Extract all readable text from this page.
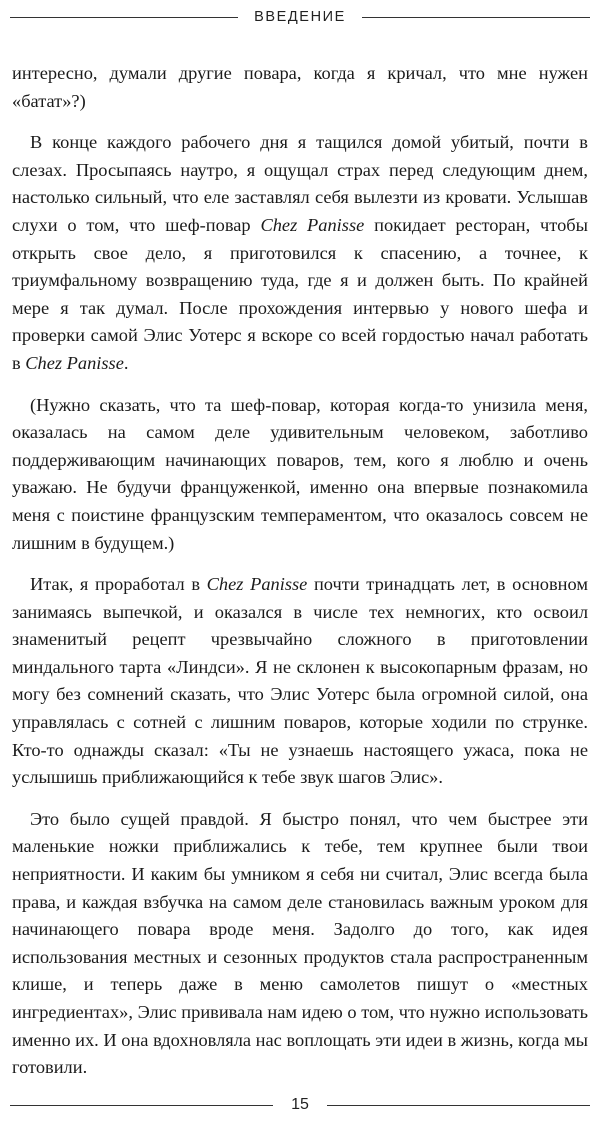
ВВЕДЕНИЕ

интересно, думали другие повара, когда я кричал, что мне нужен «батат»?)

В конце каждого рабочего дня я тащился домой убитый, почти в слезах. Просыпаясь наутро, я ощущал страх перед следующим днем, настолько сильный, что еле заставлял себя вылезти из кровати. Услышав слухи о том, что шеф-повар Chez Panisse покидает ресторан, чтобы открыть свое дело, я приготовился к спасению, а точнее, к триумфальному возвращению туда, где я и должен быть. По крайней мере я так думал. После прохождения интервью у нового шефа и проверки самой Элис Уотерс я вскоре со всей гордостью начал работать в Chez Panisse.

(Нужно сказать, что та шеф-повар, которая когда-то унизила меня, оказалась на самом деле удивительным человеком, заботливо поддерживающим начинающих поваров, тем, кого я люблю и очень уважаю. Не будучи француженкой, именно она впервые познакомила меня с поистине французским темпераментом, что оказалось совсем не лишним в будущем.)

Итак, я проработал в Chez Panisse почти тринадцать лет, в основном занимаясь выпечкой, и оказался в числе тех немногих, кто освоил знаменитый рецепт чрезвычайно сложного в приготовлении миндального тарта «Линдси». Я не склонен к высокопарным фразам, но могу без сомнений сказать, что Элис Уотерс была огромной силой, она управлялась с сотней с лишним поваров, которые ходили по струнке. Кто-то однажды сказал: «Ты не узнаешь настоящего ужаса, пока не услышишь приближающийся к тебе звук шагов Элис».

Это было сущей правдой. Я быстро понял, что чем быстрее эти маленькие ножки приближались к тебе, тем крупнее были твои неприятности. И каким бы умником я себя ни считал, Элис всегда была права, и каждая взбучка на самом деле становилась важным уроком для начинающего повара вроде меня. Задолго до того, как идея использования местных и сезонных продуктов стала распространенным клише, и теперь даже в меню самолетов пишут о «местных ингредиентах», Элис прививала нам идею о том, что нужно использовать именно их. И она вдохновляла нас воплощать эти идеи в жизнь, когда мы готовили.

15
